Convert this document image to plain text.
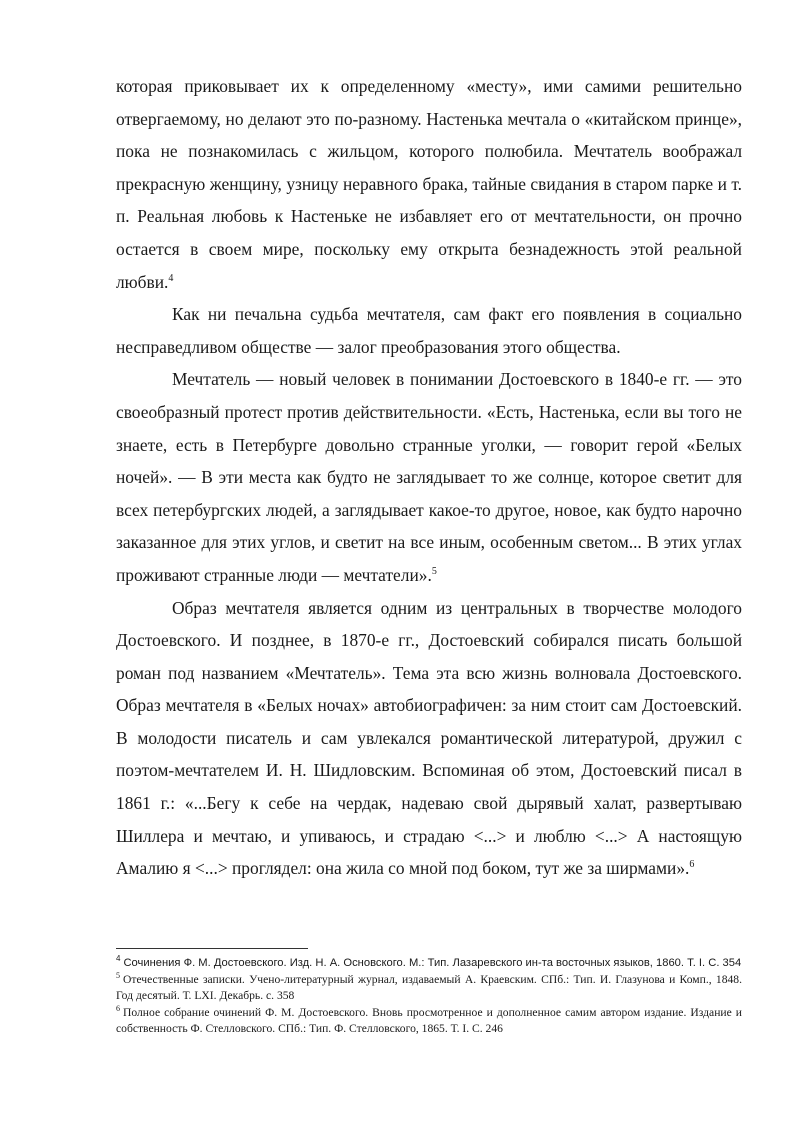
которая приковывает их к определенному «месту», ими самими решительно отвергаемому, но делают это по-разному. Настенька мечтала о «китайском принце», пока не познакомилась с жильцом, которого полюбила. Мечтатель воображал прекрасную женщину, узницу неравного брака, тайные свидания в старом парке и т. п. Реальная любовь к Настеньке не избавляет его от мечтательности, он прочно остается в своем мире, поскольку ему открыта безнадежность этой реальной любви.$^4$

Как ни печальна судьба мечтателя, сам факт его появления в социально несправедливом обществе — залог преобразования этого общества.

Мечтатель — новый человек в понимании Достоевского в 1840-е гг. — это своеобразный протест против действительности. «Есть, Настенька, если вы того не знаете, есть в Петербурге довольно странные уголки, — говорит герой «Белых ночей». — В эти места как будто не заглядывает то же солнце, которое светит для всех петербургских людей, а заглядывает какое-то другое, новое, как будто нарочно заказанное для этих углов, и светит на все иным, особенным светом... В этих углах проживают странные люди — мечтатели».$^5$

Образ мечтателя является одним из центральных в творчестве молодого Достоевского. И позднее, в 1870-е гг., Достоевский собирался писать большой роман под названием «Мечтатель». Тема эта всю жизнь волновала Достоевского. Образ мечтателя в «Белых ночах» автобиографичен: за ним стоит сам Достоевский. В молодости писатель и сам увлекался романтической литературой, дружил с поэтом-мечтателем И. Н. Шидловским. Вспоминая об этом, Достоевский писал в 1861 г.: «...Бегу к себе на чердак, надеваю свой дырявый халат, развертываю Шиллера и мечтаю, и упиваюсь, и страдаю <...> и люблю <...> А настоящую Амалию я <...> проглядел: она жила со мной под боком, тут же за ширмами».$^6$

$^4$ Сочинения Ф. М. Достоевского. Изд. Н. А. Основского. М.: Тип. Лазаревского ин-та восточных языков, 1860. Т. I. С. 354

$^5$ Отечественные записки. Учено-литературный журнал, издаваемый А. Краевским. СПб.: Тип. И. Глазунова и Комп., 1848. Год десятый. Т. LXI. Декабрь. с. 358

$^6$ Полное собрание очинений Ф. М. Достоевского. Вновь просмотренное и дополненное самим автором издание. Издание и собственность Ф. Стелловского. СПб.: Тип. Ф. Стелловского, 1865. Т. I. С. 246
